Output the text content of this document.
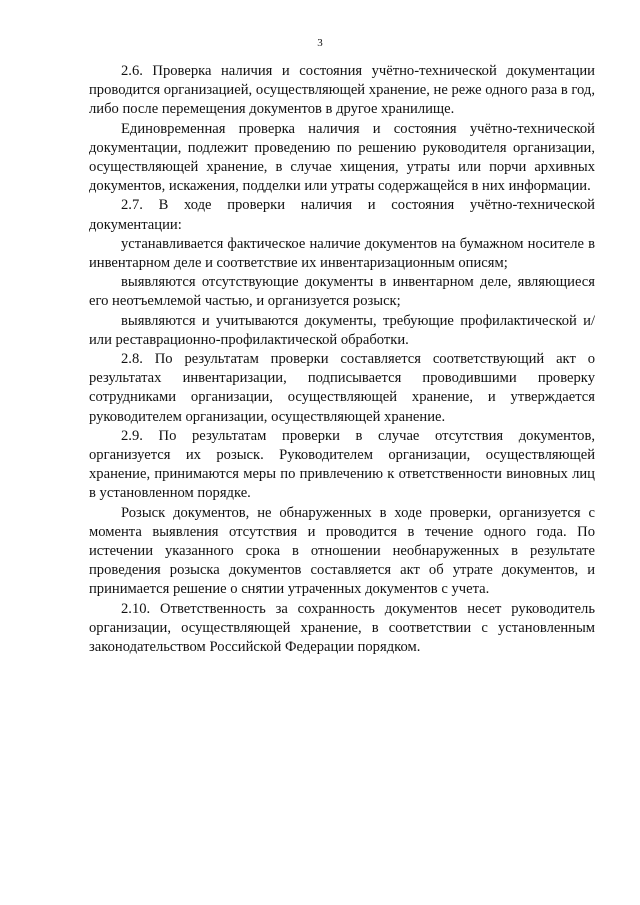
3

2.6. Проверка наличия и состояния учётно-технической документации проводится организацией, осуществляющей хранение, не реже одного раза в год, либо после перемещения документов в другое хранилище.

Единовременная проверка наличия и состояния учётно-технической документации, подлежит проведению по решению руководителя организации, осуществляющей хранение, в случае хищения, утраты или порчи архивных документов, искажения, подделки или утраты содержащейся в них информации.

2.7. В ходе проверки наличия и состояния учётно-технической документации:

устанавливается фактическое наличие документов на бумажном носителе в инвентарном деле и соответствие их инвентаризационным описям;

выявляются отсутствующие документы в инвентарном деле, являющиеся его неотъемлемой частью, и организуется розыск;

выявляются и учитываются документы, требующие профилактической и/или реставрационно-профилактической обработки.

2.8. По результатам проверки составляется соответствующий акт о результатах инвентаризации, подписывается проводившими проверку сотрудниками организации, осуществляющей хранение, и утверждается руководителем организации, осуществляющей хранение.

2.9. По результатам проверки в случае отсутствия документов, организуется их розыск. Руководителем организации, осуществляющей хранение, принимаются меры по привлечению к ответственности виновных лиц в установленном порядке.

Розыск документов, не обнаруженных в ходе проверки, организуется с момента выявления отсутствия и проводится в течение одного года. По истечении указанного срока в отношении необнаруженных в результате проведения розыска документов составляется акт об утрате документов, и принимается решение о снятии утраченных документов с учета.

2.10. Ответственность за сохранность документов несет руководитель организации, осуществляющей хранение, в соответствии с установленным законодательством Российской Федерации порядком.
